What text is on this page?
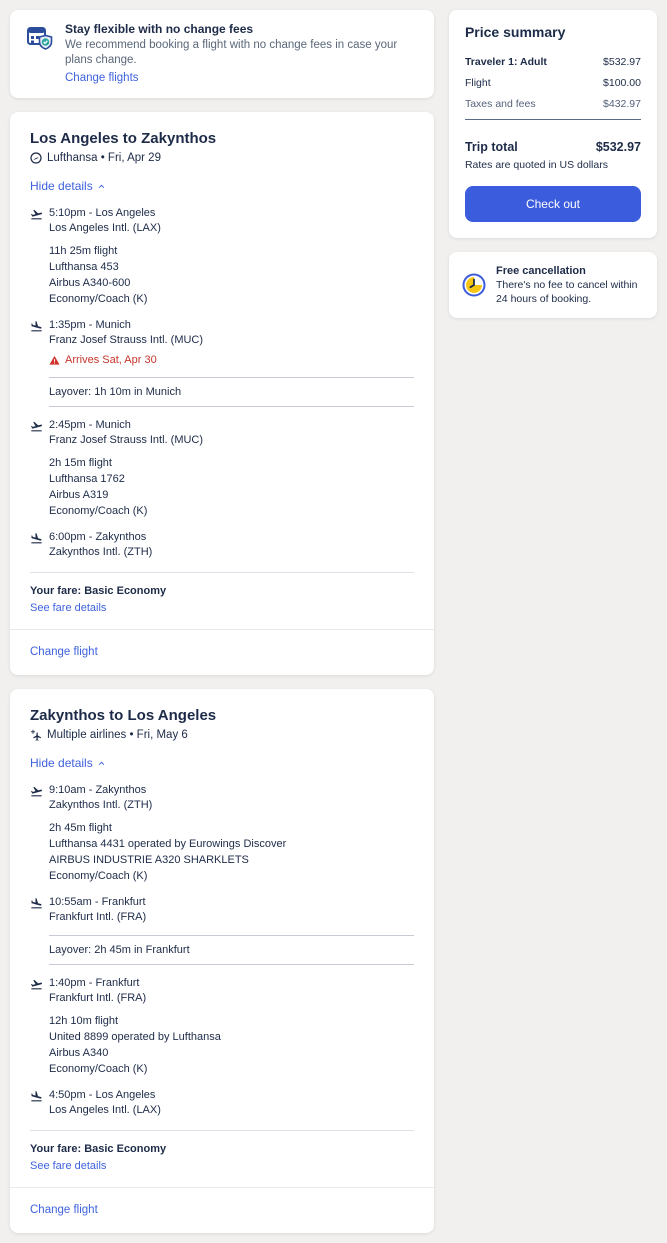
Stay flexible with no change fees
We recommend booking a flight with no change fees in case your plans change.
Change flights
Los Angeles to Zakynthos
Lufthansa • Fri, Apr 29
Hide details
5:10pm - Los Angeles
Los Angeles Intl. (LAX)
11h 25m flight
Lufthansa 453
Airbus A340-600
Economy/Coach (K)
1:35pm - Munich
Franz Josef Strauss Intl. (MUC)
Arrives Sat, Apr 30
Layover: 1h 10m in Munich
2:45pm - Munich
Franz Josef Strauss Intl. (MUC)
2h 15m flight
Lufthansa 1762
Airbus A319
Economy/Coach (K)
6:00pm - Zakynthos
Zakynthos Intl. (ZTH)
Your fare: Basic Economy
See fare details
Change flight
Zakynthos to Los Angeles
Multiple airlines • Fri, May 6
Hide details
9:10am - Zakynthos
Zakynthos Intl. (ZTH)
2h 45m flight
Lufthansa 4431 operated by Eurowings Discover
AIRBUS INDUSTRIE A320 SHARKLETS
Economy/Coach (K)
10:55am - Frankfurt
Frankfurt Intl. (FRA)
Layover: 2h 45m in Frankfurt
1:40pm - Frankfurt
Frankfurt Intl. (FRA)
12h 10m flight
United 8899 operated by Lufthansa
Airbus A340
Economy/Coach (K)
4:50pm - Los Angeles
Los Angeles Intl. (LAX)
Your fare: Basic Economy
See fare details
Change flight
Price summary
Traveler 1: Adult	$532.97
Flight	$100.00
Taxes and fees	$432.97
Trip total	$532.97
Rates are quoted in US dollars
Check out
Free cancellation
There's no fee to cancel within 24 hours of booking.
